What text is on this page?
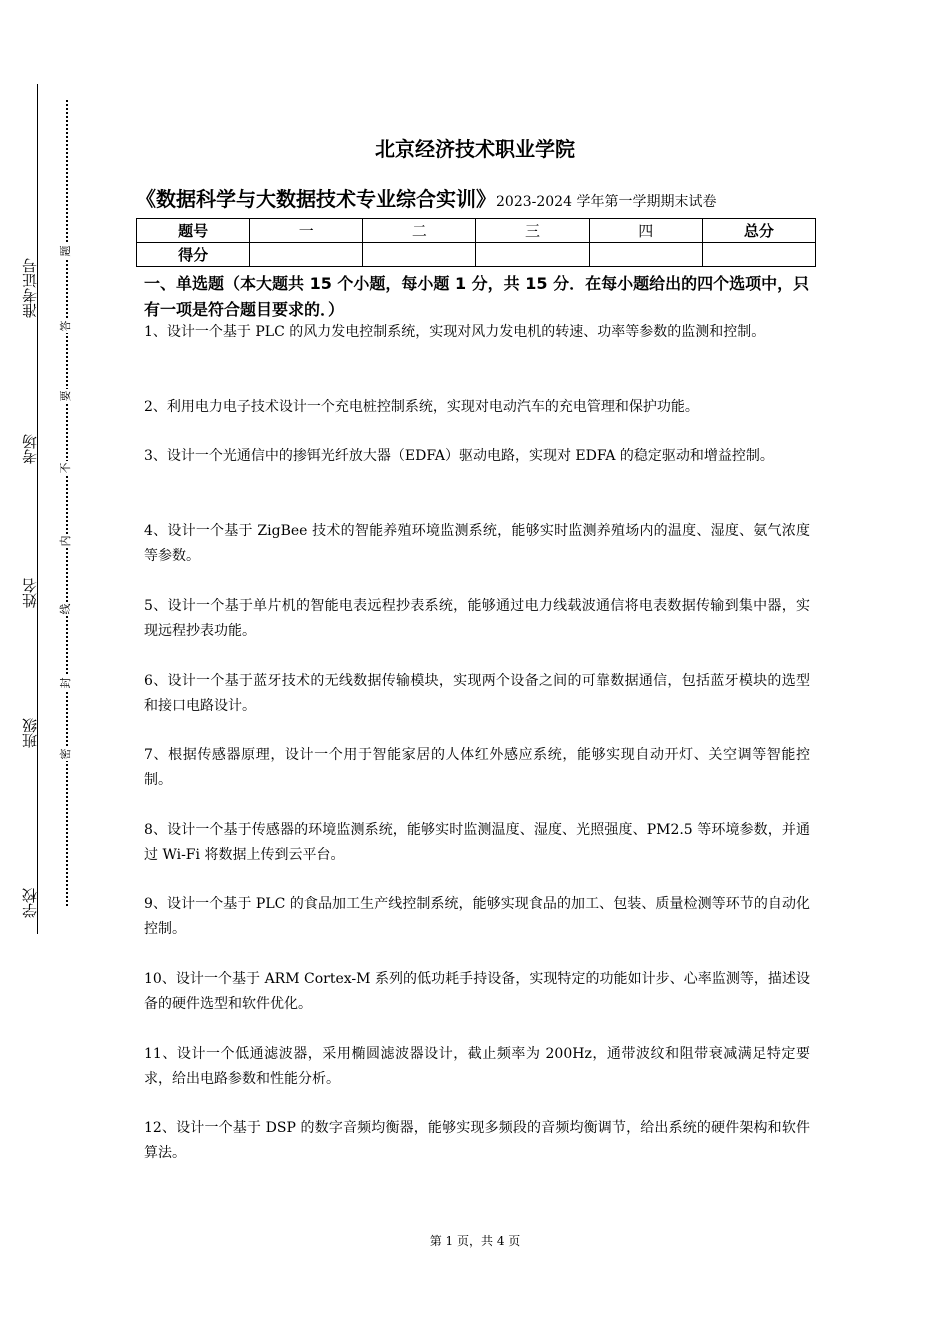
准考证号
考场
姓名
班级
学校
题
答
要
不
内
线
封
密
北京经济技术职业学院
《数据科学与大数据技术专业综合实训》2023-2024 学年第一学期期末试卷
题号	一	二	三	四	总分
得分					
一、单选题（本大题共 15 个小题，每小题 1 分，共 15 分．在每小题给出的四个选项中，只有一项是符合题目要求的．）
1、设计一个基于 PLC 的风力发电控制系统，实现对风力发电机的转速、功率等参数的监测和控制。
2、利用电力电子技术设计一个充电桩控制系统，实现对电动汽车的充电管理和保护功能。
3、设计一个光通信中的掺铒光纤放大器（EDFA）驱动电路，实现对 EDFA 的稳定驱动和增益控制。
4、设计一个基于 ZigBee 技术的智能养殖环境监测系统，能够实时监测养殖场内的温度、湿度、氨气浓度等参数。
5、设计一个基于单片机的智能电表远程抄表系统，能够通过电力线载波通信将电表数据传输到集中器，实现远程抄表功能。
6、设计一个基于蓝牙技术的无线数据传输模块，实现两个设备之间的可靠数据通信，包括蓝牙模块的选型和接口电路设计。
7、根据传感器原理，设计一个用于智能家居的人体红外感应系统，能够实现自动开灯、关空调等智能控制。
8、设计一个基于传感器的环境监测系统，能够实时监测温度、湿度、光照强度、PM2.5 等环境参数，并通过 Wi-Fi 将数据上传到云平台。
9、设计一个基于 PLC 的食品加工生产线控制系统，能够实现食品的加工、包装、质量检测等环节的自动化控制。
10、设计一个基于 ARM Cortex-M 系列的低功耗手持设备，实现特定的功能如计步、心率监测等，描述设备的硬件选型和软件优化。
11、设计一个低通滤波器，采用椭圆滤波器设计，截止频率为 200Hz，通带波纹和阻带衰减满足特定要求，给出电路参数和性能分析。
12、设计一个基于 DSP 的数字音频均衡器，能够实现多频段的音频均衡调节，给出系统的硬件架构和软件算法。
第 1 页，共 4 页
